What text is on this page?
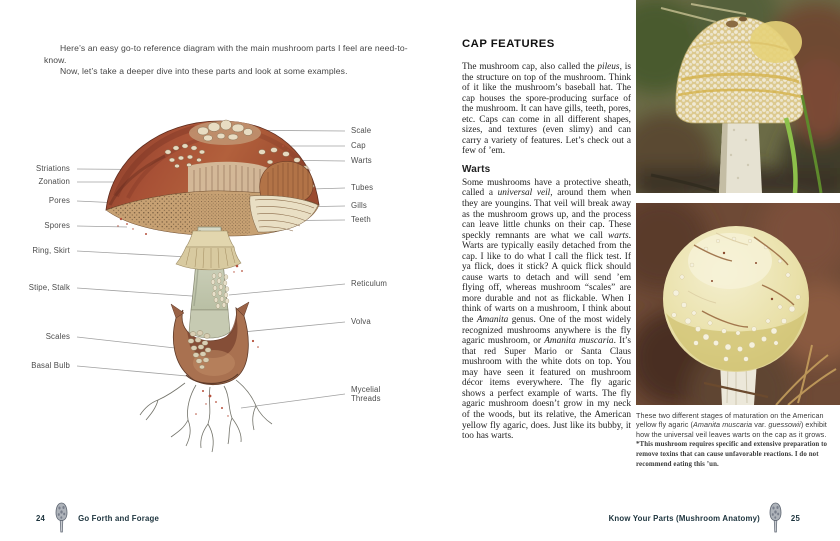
Here’s an easy go-to reference diagram with the main mushroom parts I feel are need-to-know.

Now, let’s take a deeper dive into these parts and look at some examples.

Striations
Zonation
Pores
Spores
Ring, Skirt
Stipe, Stalk
Scales
Basal Bulb
Scale
Cap
Warts
Tubes
Gills
Teeth
Reticulum
Volva
Mycelial Threads
24	Go Forth and Forage
CAP FEATURES

The mushroom cap, also called the pileus, is the structure on top of the mushroom. Think of it like the mushroom’s baseball hat. The cap houses the spore-producing surface of the mushroom. It can have gills, teeth, pores, etc. Caps can come in all different shapes, sizes, and textures (even slimy) and can carry a variety of features. Let’s check out a few of ’em.

Warts

Some mushrooms have a protective sheath, called a universal veil, around them when they are youngins. That veil will break away as the mushroom grows up, and the process can leave little chunks on their cap. These speckly remnants are what we call warts. Warts are typically easily detached from the cap. I like to do what I call the flick test. If ya flick, does it stick? A quick flick should cause warts to detach and will send ’em flying off, whereas mushroom “scales” are more durable and not as flickable. When I think of warts on a mushroom, I think about the Amanita genus. One of the most widely recognized mushrooms anywhere is the fly agaric mushroom, or Amanita muscaria. It’s that red Super Mario or Santa Claus mushroom with the white dots on top. You may have seen it featured on mushroom décor items everywhere. The fly agaric shows a perfect example of warts. The fly agaric mushroom doesn’t grow in my neck of the woods, but its relative, the American yellow fly agaric, does. Just like its bubby, it too has warts.

These two different stages of maturation on the American yellow fly agaric (Amanita muscaria var. guessowii) exhibit how the universal veil leaves warts on the cap as it grows. *This mushroom requires specific and extensive preparation to remove toxins that can cause unfavorable reactions. I do not recommend eating this ’un.
Know Your Parts (Mushroom Anatomy)	25
